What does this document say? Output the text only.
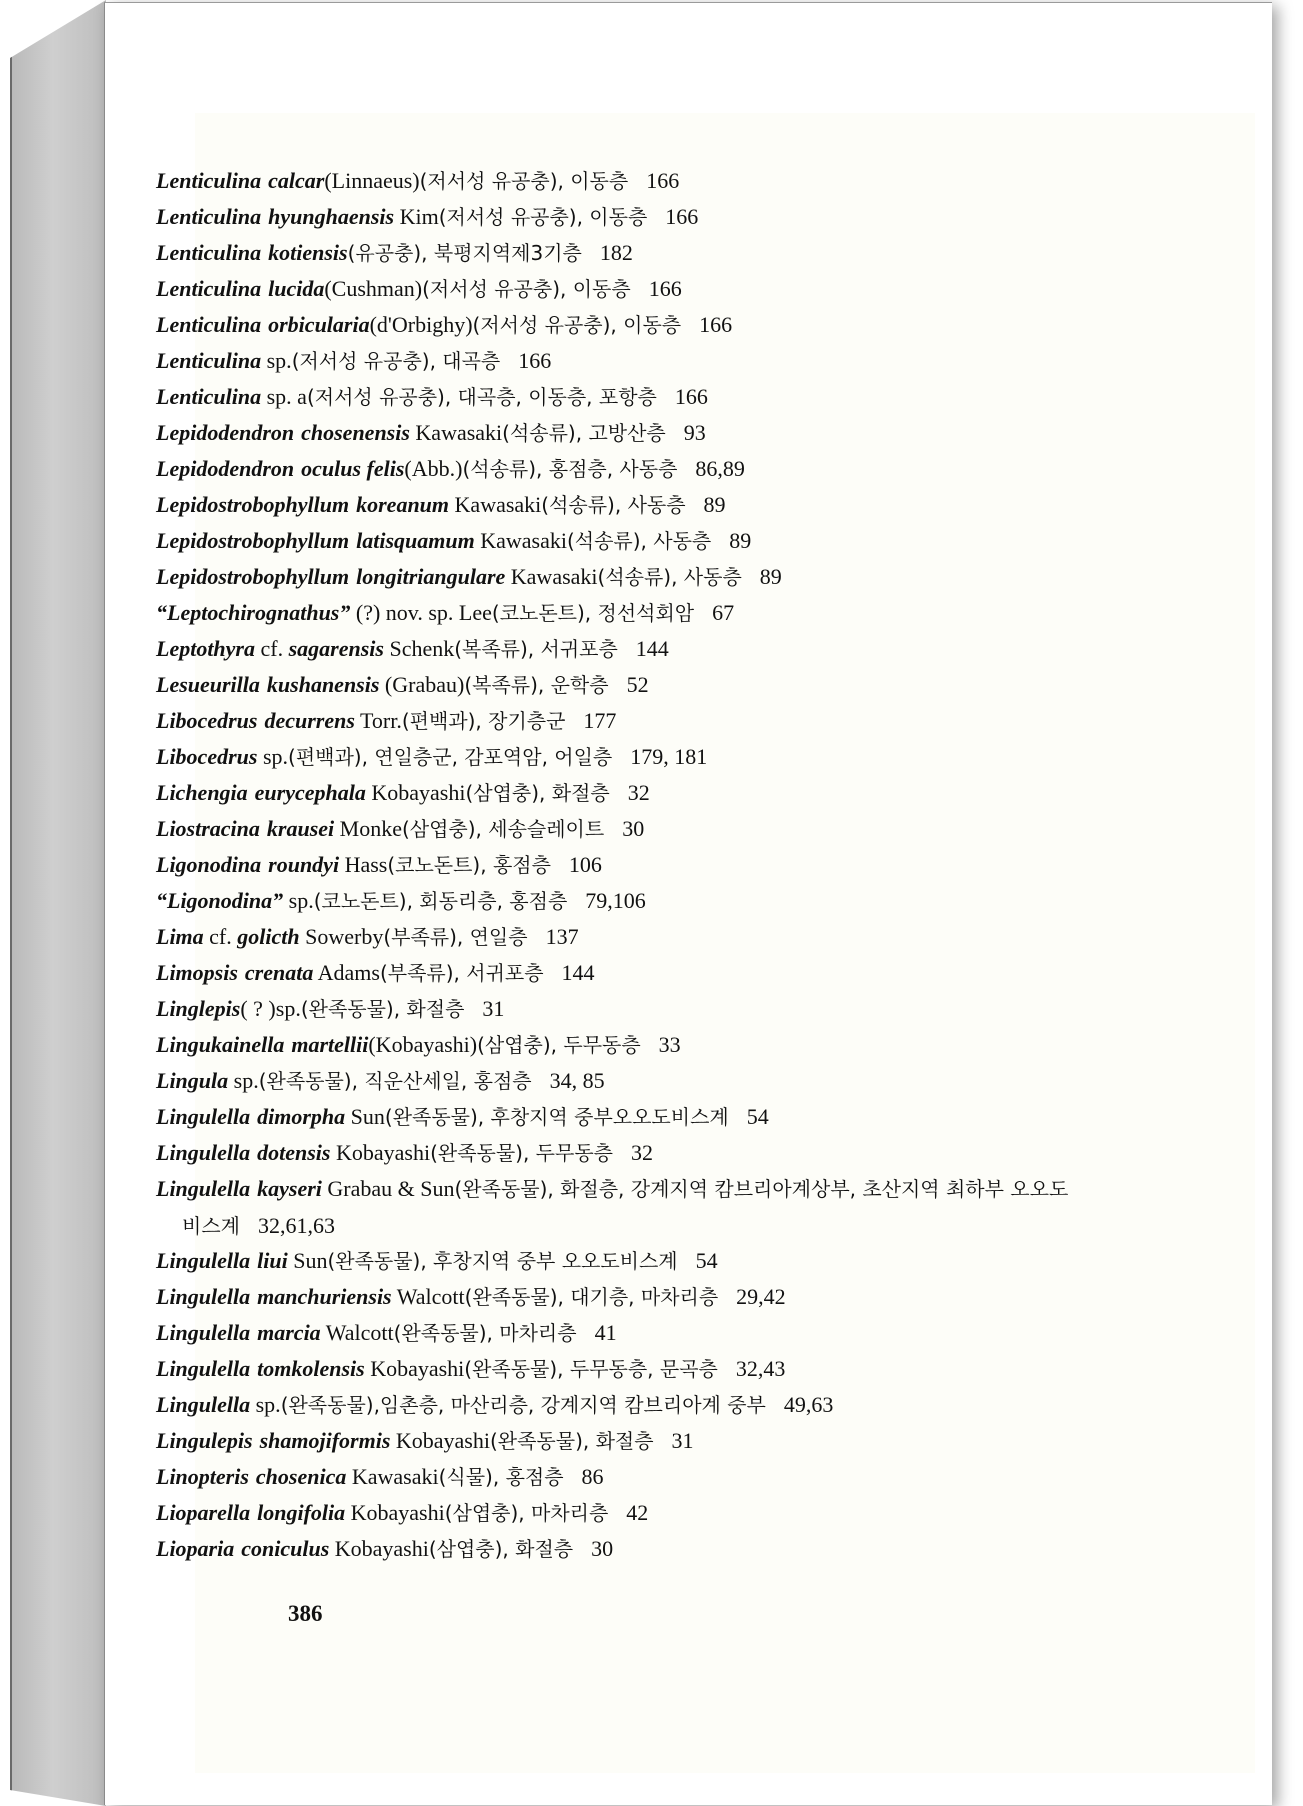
Lenticulina calcar(Linnaeus)(저서성 유공충), 이동층 166
Lenticulina hyunghaensis Kim(저서성 유공충), 이동층 166
Lenticulina kotiensis(유공충), 북평지역제3기층 182
Lenticulina lucida(Cushman)(저서성 유공충), 이동층 166
Lenticulina orbicularia(d'Orbighy)(저서성 유공충), 이동층 166
Lenticulina sp.(저서성 유공충), 대곡층 166
Lenticulina sp. a(저서성 유공충), 대곡층, 이동층, 포항층 166
Lepidodendron chosenensis Kawasaki(석송류), 고방산층 93
Lepidodendron oculus felis(Abb.)(석송류), 홍점층, 사동층 86,89
Lepidostrobophyllum koreanum Kawasaki(석송류), 사동층 89
Lepidostrobophyllum latisquamum Kawasaki(석송류), 사동층 89
Lepidostrobophyllum longitriangulare Kawasaki(석송류), 사동층 89
“Leptochirognathus” (?) nov. sp. Lee(코노돈트), 정선석회암 67
Leptothyra cf. sagarensis Schenk(복족류), 서귀포층 144
Lesueurilla kushanensis (Grabau)(복족류), 운학층 52
Libocedrus decurrens Torr.(편백과), 장기층군 177
Libocedrus sp.(편백과), 연일층군, 감포역암, 어일층 179, 181
Lichengia eurycephala Kobayashi(삼엽충), 화절층 32
Liostracina krausei Monke(삼엽충), 세송슬레이트 30
Ligonodina roundyi Hass(코노돈트), 홍점층 106
“Ligonodina” sp.(코노돈트), 회동리층, 홍점층 79,106
Lima cf. golicth Sowerby(부족류), 연일층 137
Limopsis crenata Adams(부족류), 서귀포층 144
Linglepis( ? )sp.(완족동물), 화절층 31
Lingukainella martellii(Kobayashi)(삼엽충), 두무동층 33
Lingula sp.(완족동물), 직운산세일, 홍점층 34, 85
Lingulella dimorpha Sun(완족동물), 후창지역 중부오오도비스계 54
Lingulella dotensis Kobayashi(완족동물), 두무동층 32
Lingulella kayseri Grabau & Sun(완족동물), 화절층, 강계지역 캄브리아계상부, 초산지역 최하부 오오도비스계 32,61,63
Lingulella liui Sun(완족동물), 후창지역 중부 오오도비스계 54
Lingulella manchuriensis Walcott(완족동물), 대기층, 마차리층 29,42
Lingulella marcia Walcott(완족동물), 마차리층 41
Lingulella tomkolensis Kobayashi(완족동물), 두무동층, 문곡층 32,43
Lingulella sp.(완족동물),임촌층, 마산리층, 강계지역 캄브리아계 중부 49,63
Lingulepis shamojiformis Kobayashi(완족동물), 화절층 31
Linopteris chosenica Kawasaki(식물), 홍점층 86
Lioparella longifolia Kobayashi(삼엽충), 마차리층 42
Lioparia coniculus Kobayashi(삼엽충), 화절층 30
386
